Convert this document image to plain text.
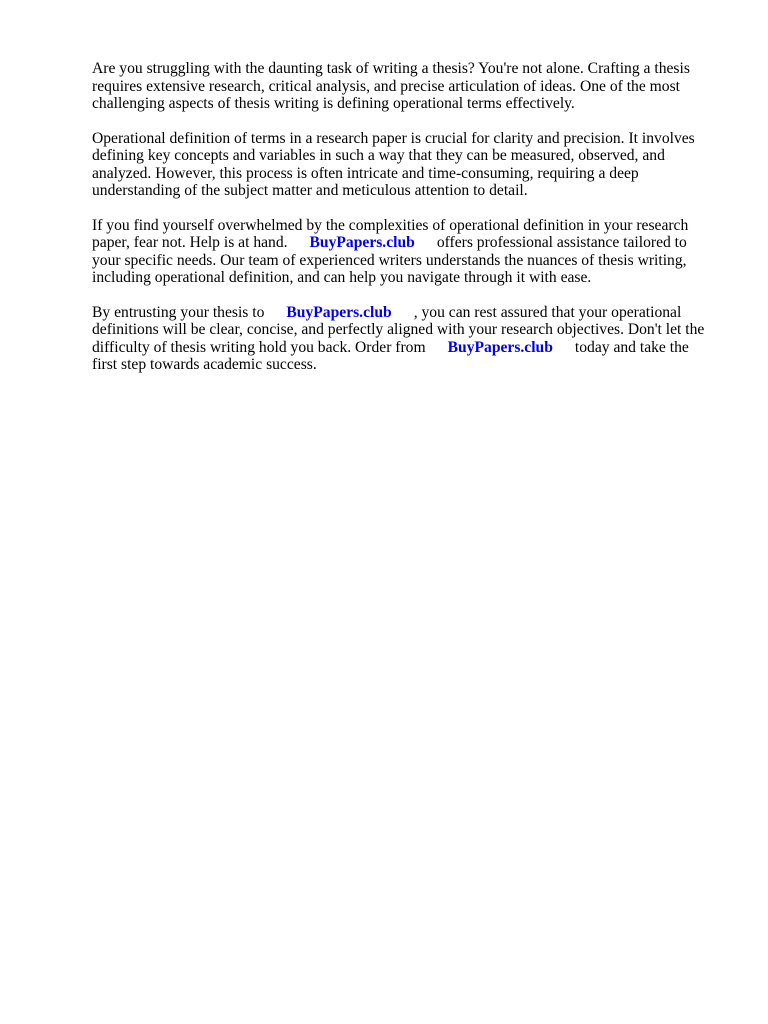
Are you struggling with the daunting task of writing a thesis? You're not alone. Crafting a thesis
requires extensive research, critical analysis, and precise articulation of ideas. One of the most
challenging aspects of thesis writing is defining operational terms effectively.

Operational definition of terms in a research paper is crucial for clarity and precision. It involves
defining key concepts and variables in such a way that they can be measured, observed, and
analyzed. However, this process is often intricate and time-consuming, requiring a deep
understanding of the subject matter and meticulous attention to detail.

If you find yourself overwhelmed by the complexities of operational definition in your research
paper, fear not. Help is at hand. BuyPapers.club offers professional assistance tailored to
your specific needs. Our team of experienced writers understands the nuances of thesis writing,
including operational definition, and can help you navigate through it with ease.

By entrusting your thesis to BuyPapers.club , you can rest assured that your operational
definitions will be clear, concise, and perfectly aligned with your research objectives. Don't let the
difficulty of thesis writing hold you back. Order from BuyPapers.club today and take the
first step towards academic success.
